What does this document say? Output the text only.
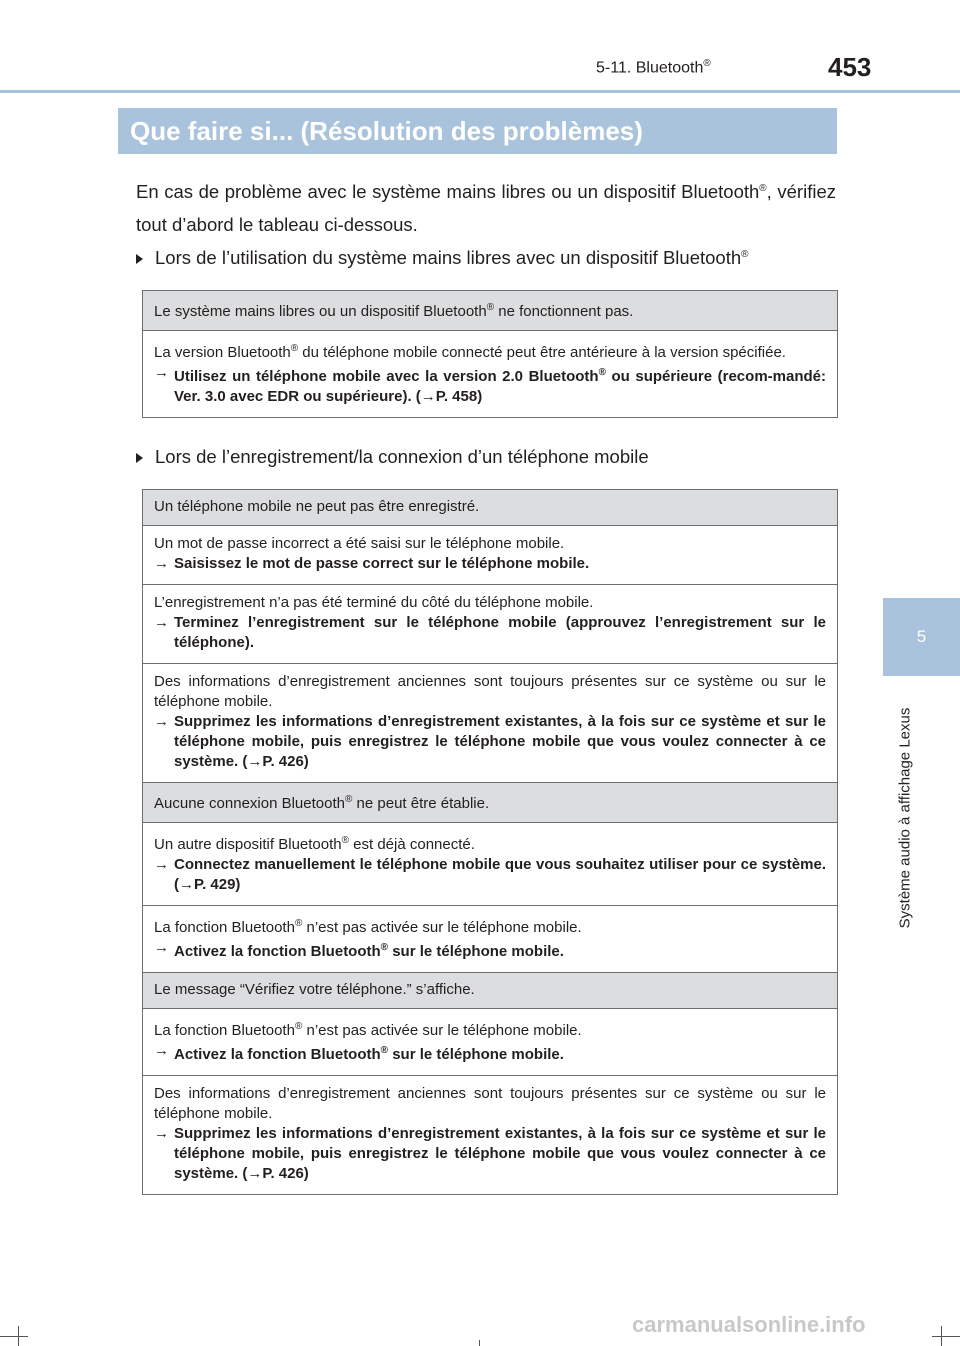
5-11. Bluetooth®	453
Que faire si... (Résolution des problèmes)
En cas de problème avec le système mains libres ou un dispositif Bluetooth®, vérifiez tout d’abord le tableau ci-dessous.
Lors de l’utilisation du système mains libres avec un dispositif Bluetooth®
Le système mains libres ou un dispositif Bluetooth® ne fonctionnent pas.
La version Bluetooth® du téléphone mobile connecté peut être antérieure à la version spécifiée.
→ Utilisez un téléphone mobile avec la version 2.0 Bluetooth® ou supérieure (recom-mandé: Ver. 3.0 avec EDR ou supérieure). (→P. 458)
Lors de l’enregistrement/la connexion d’un téléphone mobile
Un téléphone mobile ne peut pas être enregistré.
Un mot de passe incorrect a été saisi sur le téléphone mobile.
→ Saisissez le mot de passe correct sur le téléphone mobile.
L’enregistrement n’a pas été terminé du côté du téléphone mobile.
→ Terminez l’enregistrement sur le téléphone mobile (approuvez l’enregistrement sur le téléphone).
Des informations d’enregistrement anciennes sont toujours présentes sur ce système ou sur le téléphone mobile.
→ Supprimez les informations d’enregistrement existantes, à la fois sur ce système et sur le téléphone mobile, puis enregistrez le téléphone mobile que vous voulez connecter à ce système. (→P. 426)
Aucune connexion Bluetooth® ne peut être établie.
Un autre dispositif Bluetooth® est déjà connecté.
→ Connectez manuellement le téléphone mobile que vous souhaitez utiliser pour ce système. (→P. 429)
La fonction Bluetooth® n’est pas activée sur le téléphone mobile.
→ Activez la fonction Bluetooth® sur le téléphone mobile.
Le message “Vérifiez votre téléphone.” s’affiche.
La fonction Bluetooth® n’est pas activée sur le téléphone mobile.
→ Activez la fonction Bluetooth® sur le téléphone mobile.
Des informations d’enregistrement anciennes sont toujours présentes sur ce système ou sur le téléphone mobile.
→ Supprimez les informations d’enregistrement existantes, à la fois sur ce système et sur le téléphone mobile, puis enregistrez le téléphone mobile que vous voulez connecter à ce système. (→P. 426)
5
Système audio à affichage Lexus
carmanualsonline.info
